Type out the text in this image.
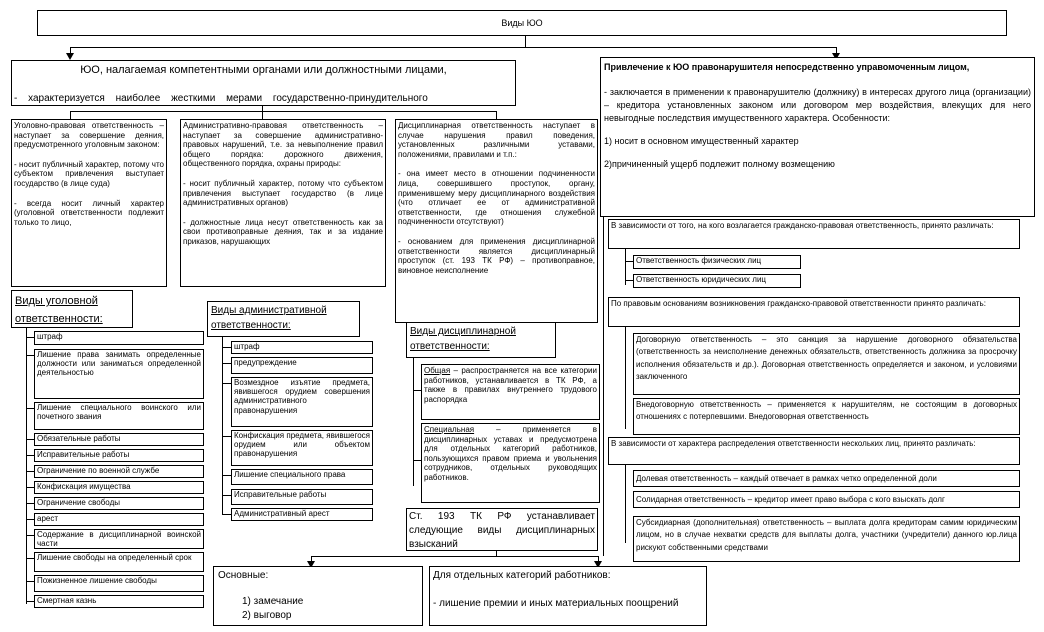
Виды ЮО
ЮО, налагаемая компетентными органами или должностными лицами,
- характеризуется наиболее жесткими мерами государственно-принудительного

Привлечение к ЮО правонарушителя непосредственно управомоченным лицом,

- заключается в применении к правонарушителю (должнику) в интересах другого лица (организации) – кредитора установленных законом или договором мер воздействия, влекущих для него невыгодные последствия имущественного характера. Особенности:

1) носит в основном имущественный характер

2)причиненный ущерб подлежит полному возмещению

Уголовно-правовая ответственность – наступает за совершение деяния, предусмотренного уголовным законом:

- носит публичный характер, потому что субъектом привлечения выступает государство (в лице суда)

- всегда носит личный характер (уголовной ответственности подлежит только то лицо,

Виды уголовной ответственности:
штраф
Лишение права занимать определенные должности или заниматься определенной деятельностью
Лишение специального воинского или почетного звания
Обязательные работы
Исправительные работы
Ограничение по военной службе
Конфискация имущества
Ограничение свободы
арест
Содержание в дисциплинарной воинской части
Лишение свободы на определенный срок
Пожизненное лишение свободы
Смертная казнь

Административно-правовая ответственность – наступает за совершение административно-правовых нарушений, т.е. за невыполнение правил общего порядка: дорожного движения, общественного порядка, охраны природы:

- носит публичный характер, потому что субъектом привлечения выступает государство (в лице административных органов)

- должностные лица несут ответственность как за свои противоправные деяния, так и за издание приказов, нарушающих

Виды административной ответственности:
штраф
предупреждение
Возмездное изъятие предмета, явившегося орудием совершения административного правонарушения
Конфискация предмета, явившегося орудием или объектом правонарушения
Лишение специального права
Исправительные работы
Административный арест

Дисциплинарная ответственность наступает в случае нарушения правил поведения, установленных различными уставами, положениями, правилами и т.п.:

- она имеет место в отношении подчиненности лица, совершившего проступок, органу, применившему меру дисциплинарного воздействия (что отличает ее от административной ответственности, где отношения служебной подчиненности отсутствуют)

- основанием для применения дисциплинарной ответственности является дисциплинарный проступок (ст. 193 ТК РФ) – противоправное, виновное неисполнение

Виды дисциплинарной ответственности:
Общая – распространяется на все категории работников, устанавливается в ТК РФ, а также в правилах внутреннего трудового распорядка
Специальная – применяется в дисциплинарных уставах и предусмотрена для отдельных категорий работников, пользующихся правом приема и увольнения сотрудников, отдельных руководящих работников.
Ст. 193 ТК РФ устанавливает следующие виды дисциплинарных взысканий
Основные:
1) замечание
2) выговор
Для отдельных категорий работников:
- лишение премии и иных материальных поощрений
В зависимости от того, на кого возлагается гражданско-правовая ответственность, принято различать:
Ответственность физических лиц
Ответственность юридических лиц
По правовым основаниям возникновения гражданско-правовой ответственности принято различать:
Договорную ответственность – это санкция за нарушение договорного обязательства (ответственность за неисполнение денежных обязательств, ответственность должника за просрочку исполнения обязательств и др.). Договорная ответственность определяется и законом, и условиями заключенного
Внедоговорную ответственность – применяется к нарушителям, не состоящим в договорных отношениях с потерпевшими. Внедоговорная ответственность
В зависимости от характера распределения ответственности нескольких лиц, принято различать:
Долевая ответственность – каждый отвечает в рамках четко определенной доли
Солидарная ответственность – кредитор имеет право выбора с кого взыскать долг
Субсидиарная (дополнительная) ответственность – выплата долга кредиторам самим юридическим лицом, но в случае нехватки средств для выплаты долга, участники (учредители) данного юр.лица рискуют собственными средствами
